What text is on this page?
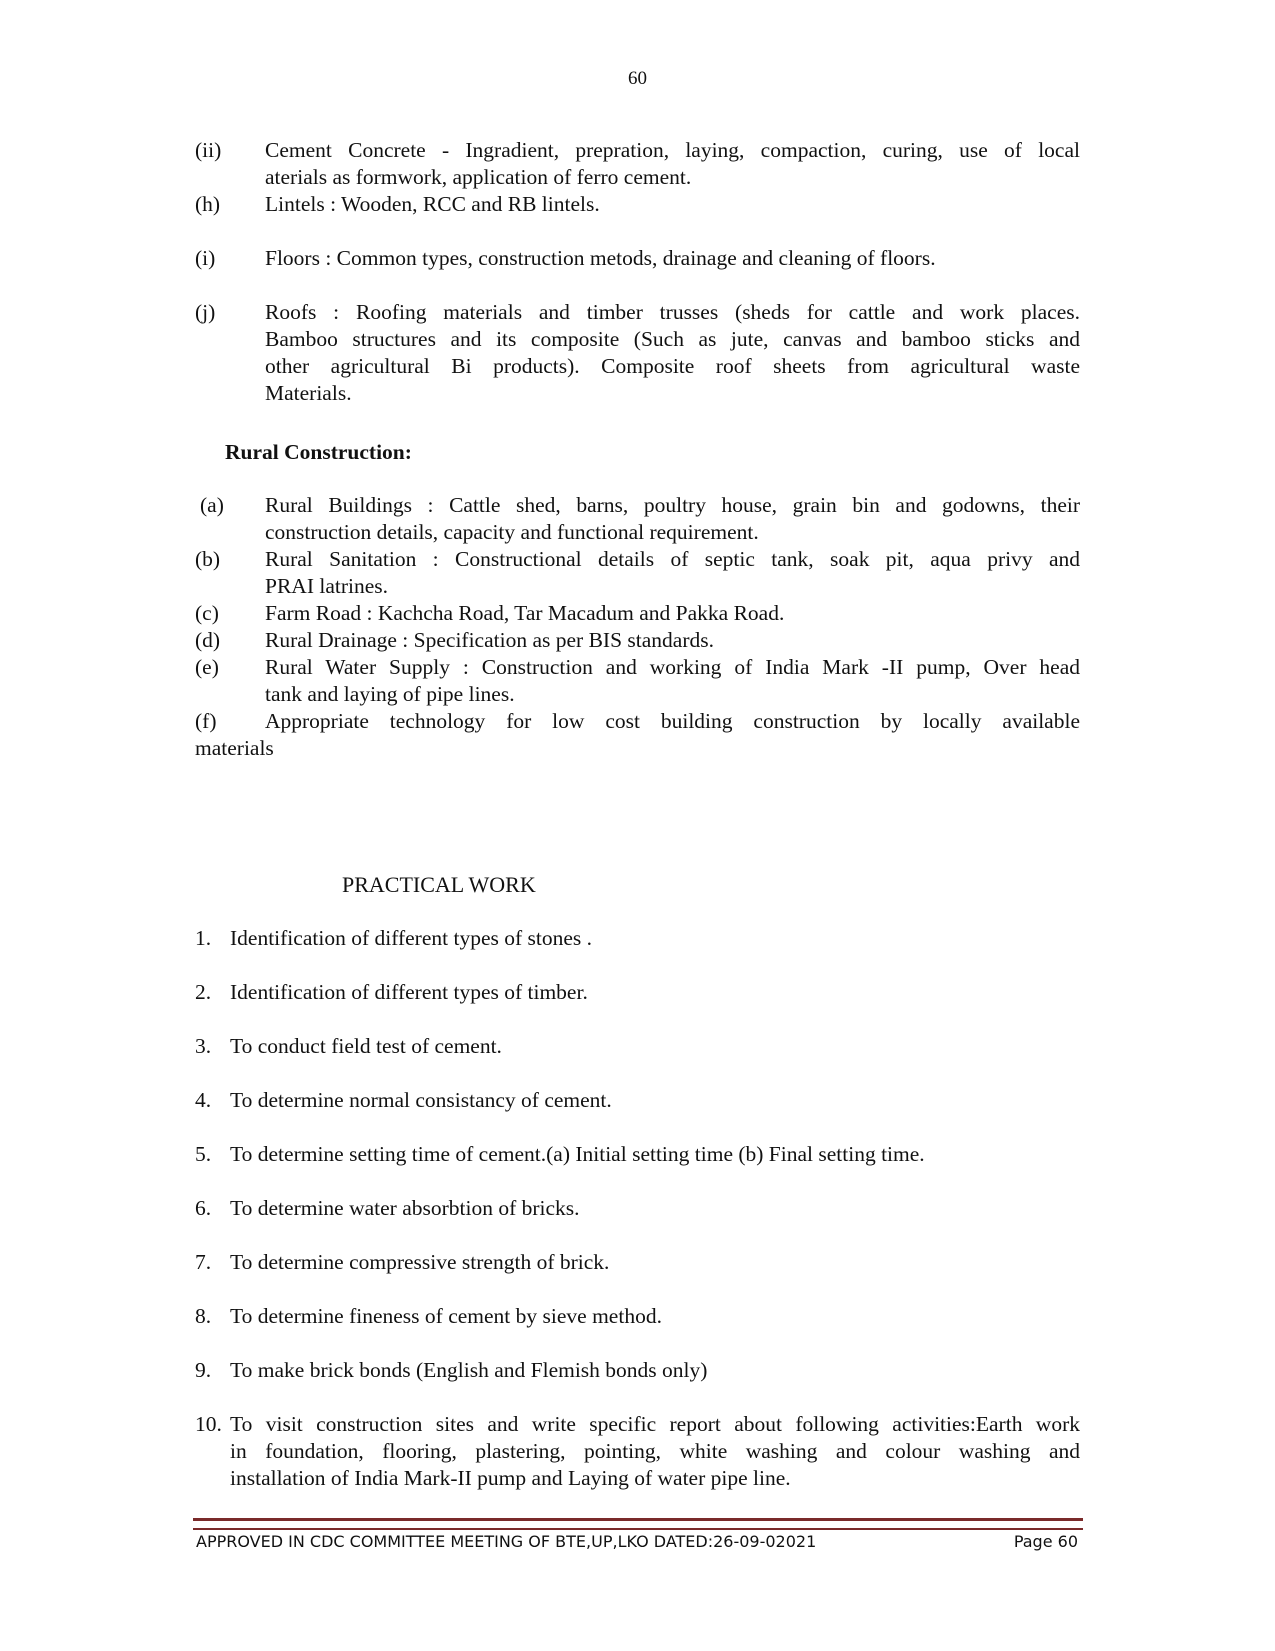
60
(ii) Cement Concrete - Ingradient, prepration, laying, compaction, curing, use of local
aterials as formwork, application of ferro cement.
(h) Lintels : Wooden, RCC and RB lintels.
(i) Floors : Common types, construction metods, drainage and cleaning of floors.
(j) Roofs : Roofing materials and timber trusses (sheds for cattle and work places.
Bamboo structures and its composite (Such as jute, canvas and bamboo sticks and
other agricultural Bi products). Composite roof sheets from agricultural waste
Materials.
Rural Construction:
(a) Rural Buildings : Cattle shed, barns, poultry house, grain bin and godowns, their
construction details, capacity and functional requirement.
(b) Rural Sanitation : Constructional details of septic tank, soak pit, aqua privy and
PRAI latrines.
(c) Farm Road : Kachcha Road, Tar Macadum and Pakka Road.
(d) Rural Drainage : Specification as per BIS standards.
(e) Rural Water Supply : Construction and working of India Mark -II pump, Over head
tank and laying of pipe lines.
(f) Appropriate technology for low cost building construction by locally available
materials
PRACTICAL WORK
1. Identification of different types of stones .
2. Identification of different types of timber.
3. To conduct field test of cement.
4. To determine normal consistancy of cement.
5. To determine setting time of cement.(a) Initial setting time (b) Final setting time.
6. To determine water absorbtion of bricks.
7. To determine compressive strength of brick.
8. To determine fineness of cement by sieve method.
9. To make brick bonds (English and Flemish bonds only)
10. To visit construction sites and write specific report about following activities:Earth work
in foundation, flooring, plastering, pointing, white washing and colour washing and
installation of India Mark-II pump and Laying of water pipe line.
APPROVED IN CDC COMMITTEE MEETING OF BTE,UP,LKO DATED:26-09-02021	Page 60
